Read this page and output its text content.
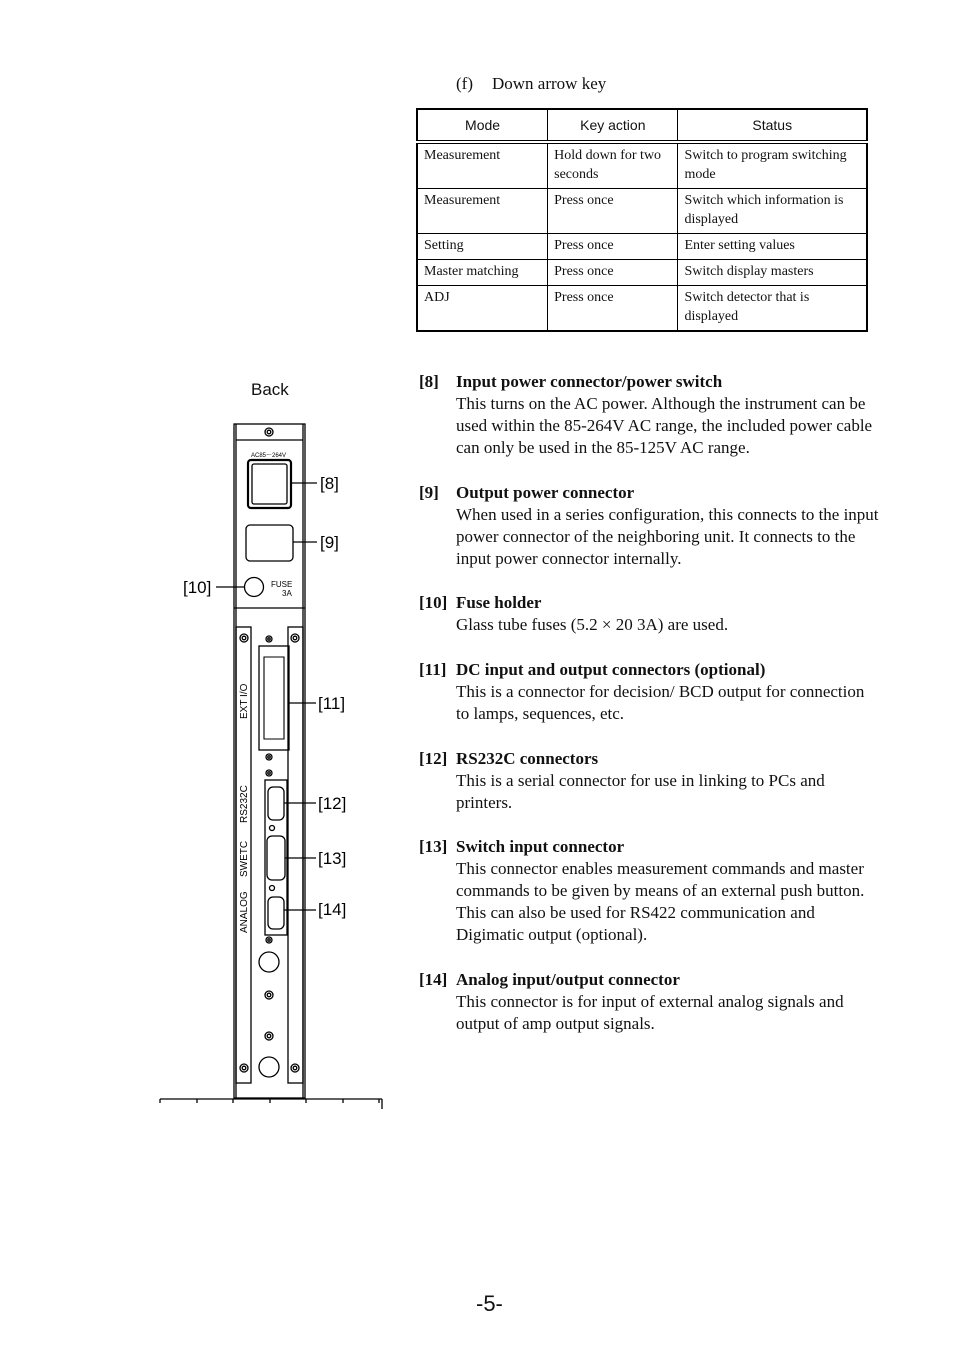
(f) Down arrow key
Mode	Key action	Status
Measurement	Hold down for two seconds	Switch to program switching mode
Measurement	Press once	Switch which information is displayed
Setting	Press once	Enter setting values
Master matching	Press once	Switch display masters
ADJ	Press once	Switch detector that is displayed
Back
AC85～264V
FUSE
3A
EXT I/O
RS232C
SWETC
ANALOG
[8]
[9]
[10]
[11]
[12]
[13]
[14]
[8] Input power connector/power switch
This turns on the AC power. Although the instrument can be used within the 85-264V AC range, the included power cable can only be used in the 85-125V AC range.
[9] Output power connector
When used in a series configuration, this connects to the input power connector of the neighboring unit. It connects to the input power connector internally.
[10] Fuse holder
Glass tube fuses (5.2 × 20 3A) are used.
[11] DC input and output connectors (optional)
This is a connector for decision/ BCD output for connection to lamps, sequences, etc.
[12] RS232C connectors
This is a serial connector for use in linking to PCs and printers.
[13] Switch input connector
This connector enables measurement commands and master commands to be given by means of an external push button. This can also be used for RS422 communication and Digimatic output (optional).
[14] Analog input/output connector
This connector is for input of external analog signals and output of amp output signals.
-5-
